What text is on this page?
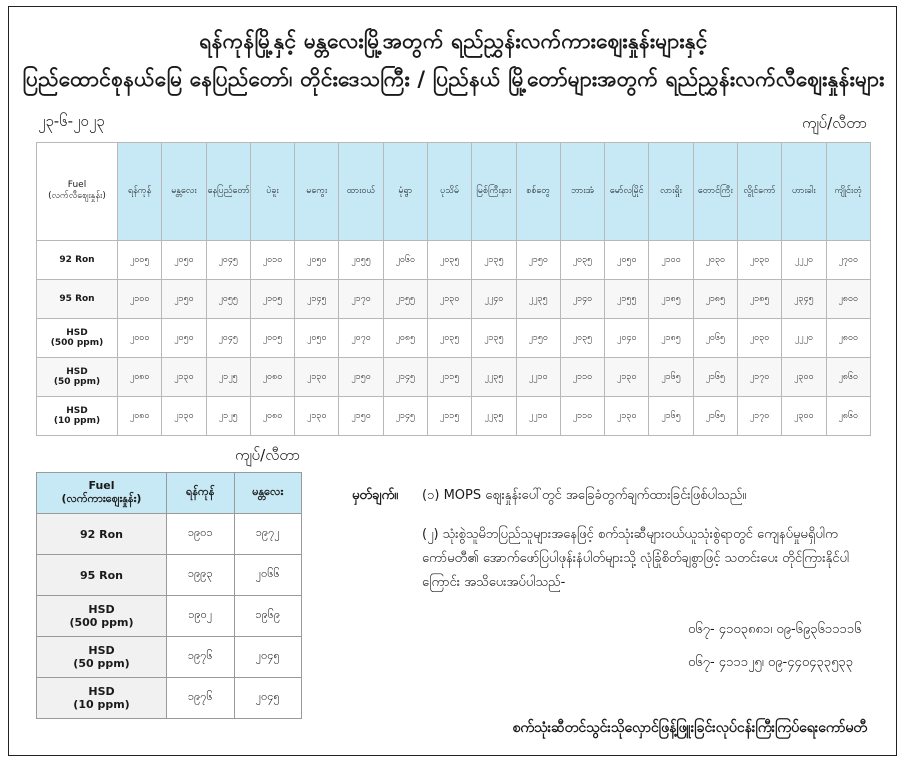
ရန်ကုန်မြို့နှင့် မန္တလေးမြို့အတွက် ရည်ညွှန်းလက်ကားဈေးနှုန်းများနှင့်
ပြည်ထောင်စုနယ်မြေ နေပြည်တော်၊ တိုင်းဒေသကြီး / ပြည်နယ် မြို့တော်များအတွက် ရည်ညွှန်းလက်လီဈေးနှုန်းများ
၂၃-၆-၂၀၂၃	ကျပ်/လီတာ
Fuel
(လက်လီဈေးနှုန်း)	ရန်ကုန်	မန္တလေး	နေပြည်တော်	ပဲခူး	မကွေး	ထားဝယ်	မုံရွာ	ပုသိမ်	မြစ်ကြီးနား	စစ်တွေ	ဘားအံ	မော်လမြိုင်	လားရှိုး	တောင်ကြီး	လွိုင်ကော်	ဟားခါး	ကျိုင်းတုံ
92 Ron	၂၀၀၅	၂၀၅၀	၂၀၄၅	၂၀၁၀	၂၀၅၀	၂၀၅၅	၂၀၆၀	၂၀၃၅	၂၁၃၅	၂၁၅၀	၂၀၃၅	၂၀၅၀	၂၁၀၀	၂၀၃၀	၂၀၃၀	၂၂၂၀	၂၇၀၀
95 Ron	၂၁၀၀	၂၁၅၀	၂၀၅၅	၂၁၀၅	၂၁၄၅	၂၁၇၀	၂၁၅၅	၂၁၃၀	၂၂၄၀	၂၂၃၅	၂၁၄၀	၂၁၅၅	၂၁၈၅	၂၁၈၅	၂၁၈၅	၂၃၄၅	၂၈၀၀
HSD
(500 ppm)	၂၀၀၀	၂၀၅၀	၂၀၄၅	၂၀၀၅	၂၀၅၀	၂၀၇၀	၂၀၈၅	၂၀၃၅	၂၁၃၅	၂၁၅၀	၂၀၃၅	၂၀၄၀	၂၁၈၅	၂၀၆၅	၂၀၃၀	၂၂၂၀	၂၈၀၀
HSD
(50 ppm)	၂၀၈၀	၂၁၃၀	၂၁၂၅	၂၀၈၀	၂၁၃၀	၂၁၅၀	၂၁၄၅	၂၁၁၅	၂၂၃၅	၂၂၁၀	၂၁၁၀	၂၁၃၀	၂၁၆၅	၂၁၆၅	၂၁၇၀	၂၃၀၀	၂၈၆၀
HSD
(10 ppm)	၂၀၈၀	၂၁၃၀	၂၁၂၅	၂၀၈၀	၂၁၃၀	၂၁၅၀	၂၁၄၅	၂၁၁၅	၂၂၃၅	၂၂၁၀	၂၁၁၀	၂၁၃၀	၂၁၆၅	၂၁၆၅	၂၁၇၀	၂၃၀၀	၂၈၆၀
ကျပ်/လီတာ
Fuel
(လက်ကားဈေးနှုန်း)	ရန်ကုန်	မန္တလေး
92 Ron	၁၉၀၁	၁၉၇၂
95 Ron	၁၉၉၃	၂၀၆၆
HSD
(500 ppm)	၁၉၀၂	၁၉၆၉
HSD
(50 ppm)	၁၉၇၆	၂၀၄၅
HSD
(10 ppm)	၁၉၇၆	၂၀၄၅
မှတ်ချက်။ (၁) MOPS ဈေးနှုန်းပေါ်တွင် အခြေခံတွက်ချက်ထားခြင်းဖြစ်ပါသည်။
(၂) သုံးစွဲသူမိဘပြည်သူများအနေဖြင့် စက်သုံးဆီများဝယ်ယူသုံးစွဲရာတွင် ကျေနပ်မှုမရှိပါက ကော်မတီ၏ အောက်ဖော်ပြပါဖုန်းနံပါတ်များသို့ လုံခြုံစိတ်ချစွာဖြင့် သတင်းပေး တိုင်ကြားနိုင်ပါကြောင်း အသိပေးအပ်ပါသည်-
၀၆၇- ၄၁၀၃၈၈၁၊ ၀၉-၆၉၃၆၁၁၁၁၆
၀၆၇- ၄၁၁၁၂၅၊ ၀၉-၄၄၀၄၃၃၅၃၃
စက်သုံးဆီတင်သွင်းသိုလှောင်ဖြန့်ဖြူးခြင်းလုပ်ငန်းကြီးကြပ်ရေးကော်မတီ
